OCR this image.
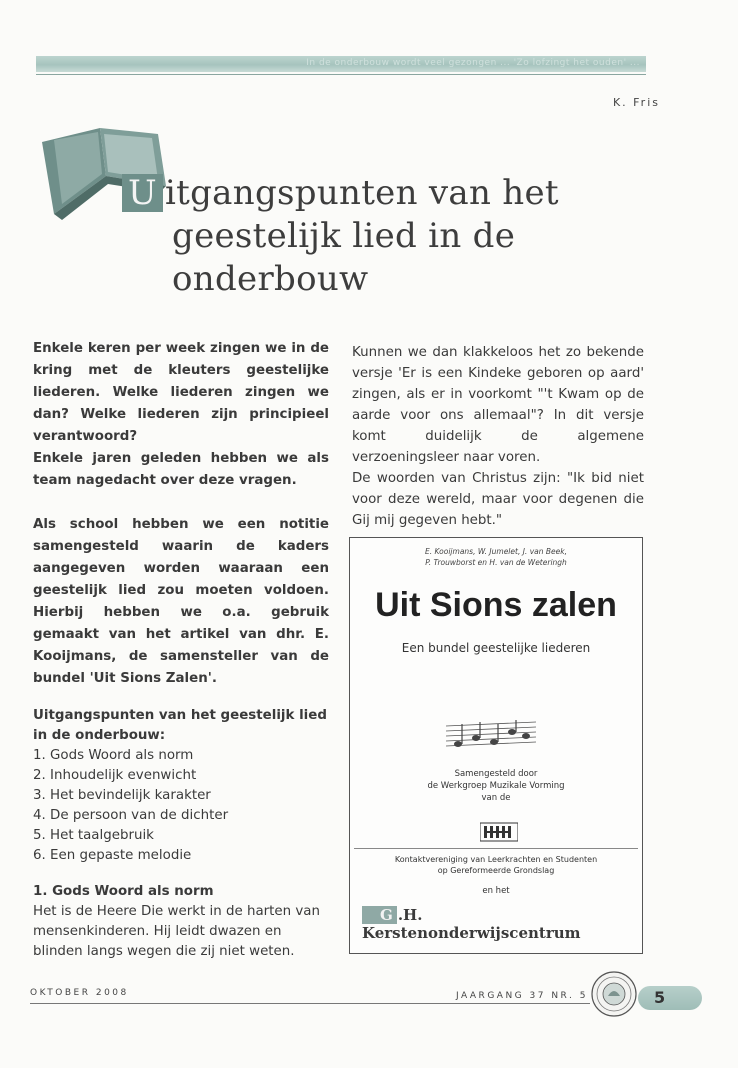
In de onderbouw wordt veel gezongen ... 'Zo lofzingt het ouden' ...
K. Fris
U itgangspunten van het
geestelijk lied in de
onderbouw

Enkele keren per week zingen we in de kring met de kleuters geestelijke liederen. Welke liederen zingen we dan? Welke liederen zijn principieel verantwoord?

Enkele jaren geleden hebben we als team nagedacht over deze vragen.

Als school hebben we een notitie samengesteld waarin de kaders aangegeven worden waaraan een geestelijk lied zou moeten voldoen. Hierbij hebben we o.a. gebruik gemaakt van het artikel van dhr. E. Kooijmans, de samensteller van de bundel 'Uit Sions Zalen'.

Uitgangspunten van het geestelijk lied in de onderbouw:

1. Gods Woord als norm
2. Inhoudelijk evenwicht
3. Het bevindelijk karakter
4. De persoon van de dichter
5. Het taalgebruik
6. Een gepaste melodie

1. Gods Woord als norm

Het is de Heere Die werkt in de harten van mensenkinderen. Hij leidt dwazen en blinden langs wegen die zij niet weten.

Kunnen we dan klakkeloos het zo bekende versje 'Er is een Kindeke geboren op aard' zingen, als er in voorkomt "'t Kwam op de aarde voor ons allemaal"? In dit versje komt duidelijk de algemene verzoeningsleer naar voren.

De woorden van Christus zijn: "Ik bid niet voor deze wereld, maar voor degenen die Gij mij gegeven hebt."

E. Kooijmans, W. Jumelet, J. van Beek,
P. Trouwborst en H. van de Weteringh
Uit Sions zalen
Een bundel geestelijke liederen
Samengesteld door
de Werkgroep Muzikale Vorming
van de
Kontaktvereniging van Leerkrachten en Studenten
op Gereformeerde Grondslag
en het
G .H. Kerstenonderwijscentrum
OKTOBER 2008	JAARGANG 37 NR. 5	5
